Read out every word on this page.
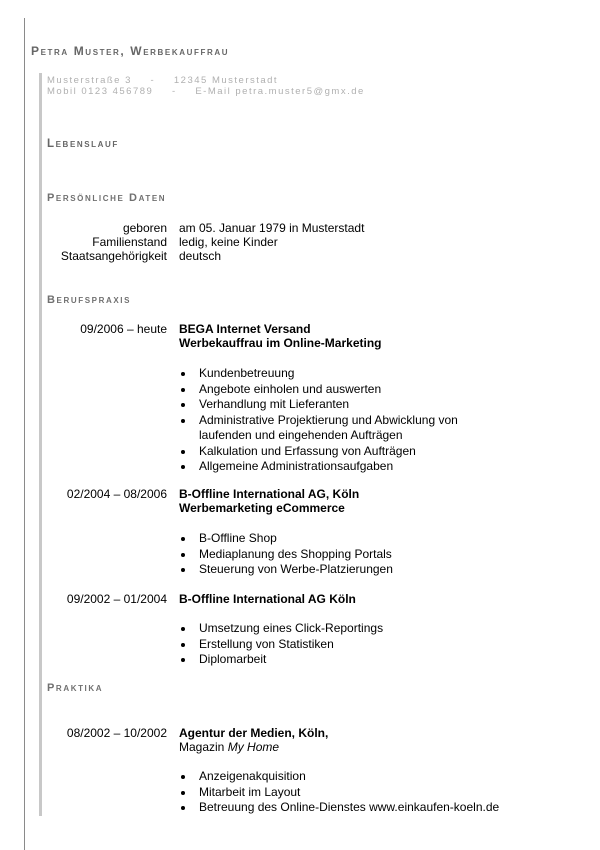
Petra Muster, Werbekauffrau

Musterstraße 3 - 12345 Musterstadt

Mobil 0123 456789 - E-Mail petra.muster5@gmx.de

Lebenslauf
Persönliche Daten
geboren am 05. Januar 1979 in Musterstadt
Familienstand ledig, keine Kinder
Staatsangehörigkeit deutsch
Berufspraxis
09/2006 – heute BEGA Internet Versand
Werbekauffrau im Online-Marketing
Kundenbetreuung
Angebote einholen und auswerten
Verhandlung mit Lieferanten
Administrative Projektierung und Abwicklung von laufenden und eingehenden Aufträgen
Kalkulation und Erfassung von Aufträgen
Allgemeine Administrationsaufgaben
02/2004 – 08/2006 B-Offline International AG, Köln
Werbemarketing eCommerce
B-Offline Shop
Mediaplanung des Shopping Portals
Steuerung von Werbe-Platzierungen
09/2002 – 01/2004 B-Offline International AG Köln
Umsetzung eines Click-Reportings
Erstellung von Statistiken
Diplomarbeit
Praktika
08/2002 – 10/2002 Agentur der Medien, Köln,
Magazin My Home
Anzeigenakquisition
Mitarbeit im Layout
Betreuung des Online-Dienstes www.einkaufen-koeln.de
